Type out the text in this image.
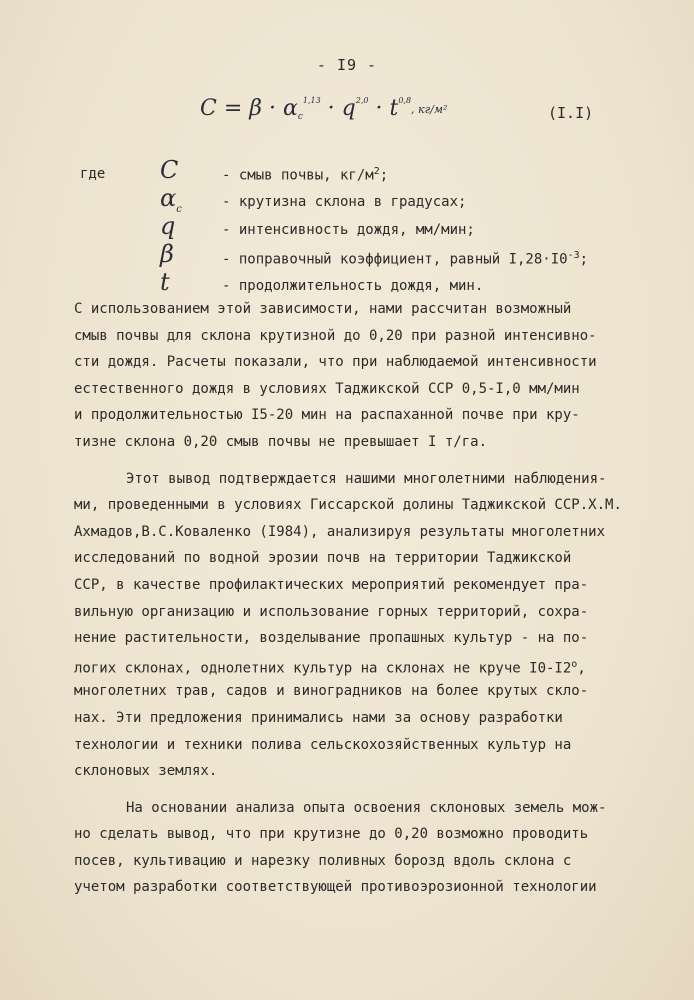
- I9 -
$C = \beta \cdot \alpha_c^{1,13} \cdot q^{2,0} \cdot t^{0,8}$, кг/м²	(I.I)
где C	- смыв почвы, $кг/м^2$;
$\alpha_c$	- крутизна склона в градусах;
q	- интенсивность дождя, мм/мин;
β	- поправочный коэффициент, равный $I,28\cdot I0^{-3}$;
t	- продолжительность дождя, мин.
С использованием этой зависимости, нами рассчитан возможный
смыв почвы для склона крутизной до 0,20 при разной интенсивно-
сти дождя. Расчеты показали, что при наблюдаемой интенсивности
естественного дождя в условиях Таджикской ССР 0,5-I,0 мм/мин
и продолжительностью I5-20 мин на распаханной почве при кру-
тизне склона 0,20 смыв почвы не превышает I т/га.
Этот вывод подтверждается нашими многолетними наблюдения-
ми, проведенными в условиях Гиссарской долины Таджикской ССР.Х.М.
Ахмадов,В.С.Коваленко (I984), анализируя результаты многолетних
исследований по водной эрозии почв на территории Таджикской
ССР, в качестве профилактических мероприятий рекомендует пра-
вильную организацию и использование горных территорий, сохра-
нение растительности, возделывание пропашных культур - на по-
логих склонах, однолетних культур на склонах не круче I0-I2$^o$,
многолетних трав, садов и виноградников на более крутых скло-
нах. Эти предложения принимались нами за основу разработки
технологии и техники полива сельскохозяйственных культур на
склоновых землях.
На основании анализа опыта освоения склоновых земель мож-
но сделать вывод, что при крутизне до 0,20 возможно проводить
посев, культивацию и нарезку поливных борозд вдоль склона с
учетом разработки соответствующей противоэрозионной технологии
